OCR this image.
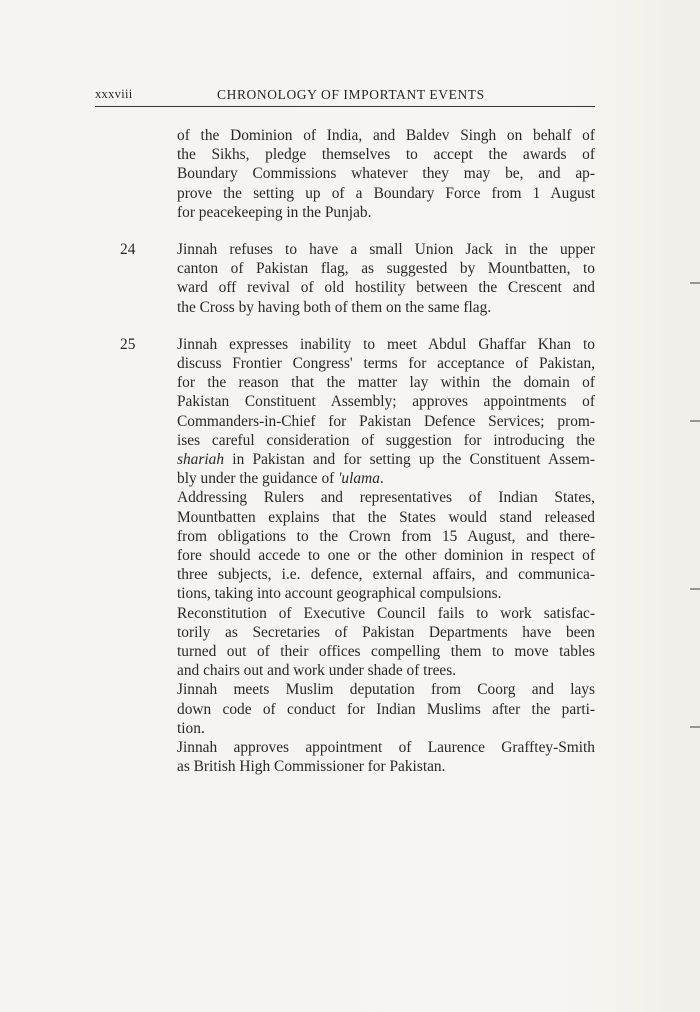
xxxviii	CHRONOLOGY OF IMPORTANT EVENTS
of the Dominion of India, and Baldev Singh on behalf of
the Sikhs, pledge themselves to accept the awards of
Boundary Commissions whatever they may be, and ap-
prove the setting up of a Boundary Force from 1 August
for peacekeeping in the Punjab.
24	Jinnah refuses to have a small Union Jack in the upper
canton of Pakistan flag, as suggested by Mountbatten, to
ward off revival of old hostility between the Crescent and
the Cross by having both of them on the same flag.
25	Jinnah expresses inability to meet Abdul Ghaffar Khan to
discuss Frontier Congress' terms for acceptance of Pakistan,
for the reason that the matter lay within the domain of
Pakistan Constituent Assembly; approves appointments of
Commanders-in-Chief for Pakistan Defence Services; prom-
ises careful consideration of suggestion for introducing the
shariah in Pakistan and for setting up the Constituent Assem-
bly under the guidance of 'ulama.
Addressing Rulers and representatives of Indian States,
Mountbatten explains that the States would stand released
from obligations to the Crown from 15 August, and there-
fore should accede to one or the other dominion in respect of
three subjects, i.e. defence, external affairs, and communica-
tions, taking into account geographical compulsions.
Reconstitution of Executive Council fails to work satisfac-
torily as Secretaries of Pakistan Departments have been
turned out of their offices compelling them to move tables
and chairs out and work under shade of trees.
Jinnah meets Muslim deputation from Coorg and lays
down code of conduct for Indian Muslims after the parti-
tion.
Jinnah approves appointment of Laurence Grafftey-Smith
as British High Commissioner for Pakistan.
